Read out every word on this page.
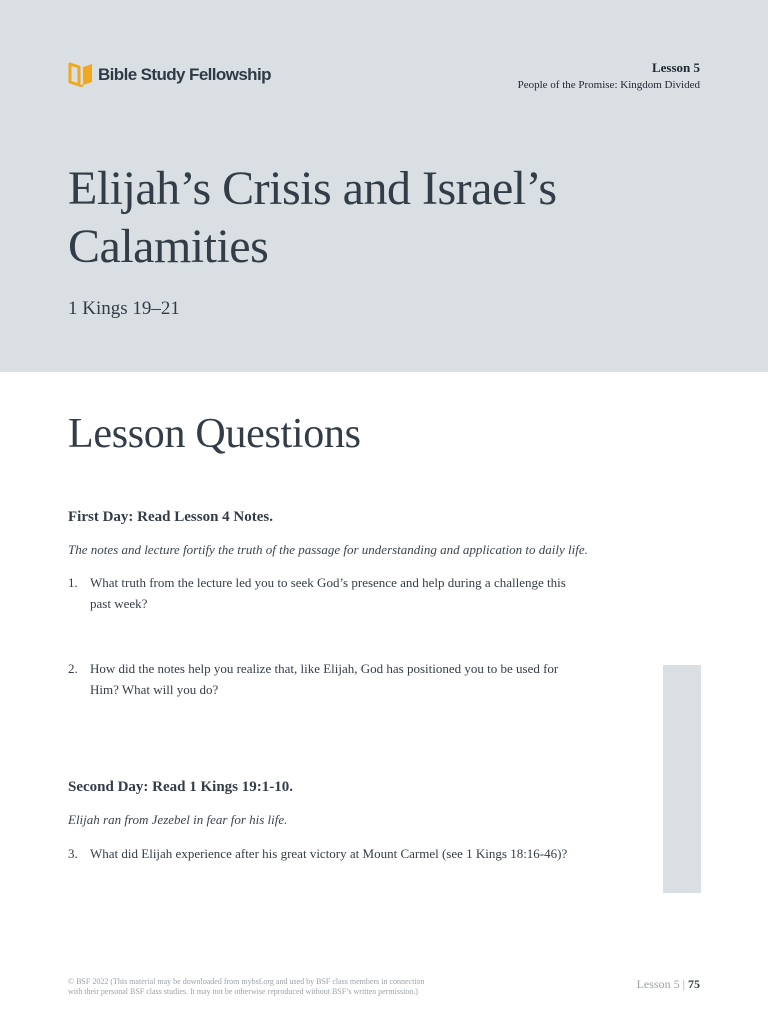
Bible Study Fellowship	Lesson 5
People of the Promise: Kingdom Divided
Elijah’s Crisis and Israel’s
Calamities
1 Kings 19–21
Lesson Questions
First Day: Read Lesson 4 Notes.
The notes and lecture fortify the truth of the passage for understanding and application to daily life.
1. What truth from the lecture led you to seek God’s presence and help during a challenge this past week?
2. How did the notes help you realize that, like Elijah, God has positioned you to be used for Him? What will you do?
Second Day: Read 1 Kings 19:1-10.
Elijah ran from Jezebel in fear for his life.
3. What did Elijah experience after his great victory at Mount Carmel (see 1 Kings 18:16-46)?
© BSF 2022 (This material may be downloaded from mybsf.org and used by BSF class members in connection
with their personal BSF class studies. It may not be otherwise reproduced without BSF’s written permission.)
Lesson 5 | 75
